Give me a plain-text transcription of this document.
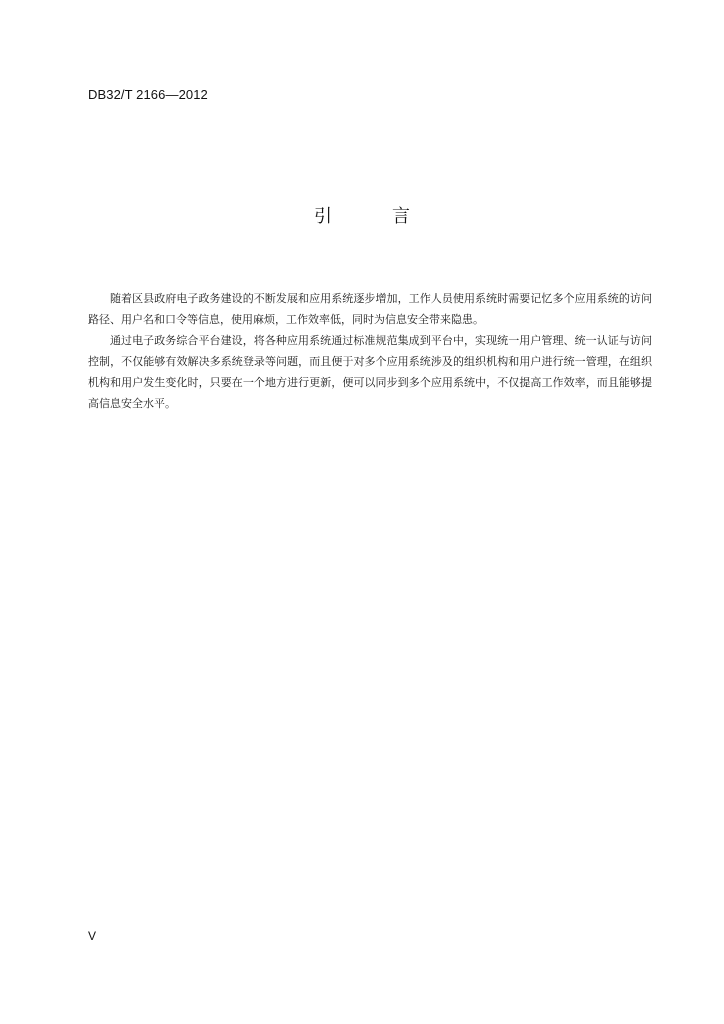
DB32/T 2166—2012
引	言

随着区县政府电子政务建设的不断发展和应用系统逐步增加，工作人员使用系统时需要记忆多个应用系统的访问路径、用户名和口令等信息，使用麻烦，工作效率低，同时为信息安全带来隐患。

通过电子政务综合平台建设，将各种应用系统通过标准规范集成到平台中，实现统一用户管理、统一认证与访问控制，不仅能够有效解决多系统登录等问题，而且便于对多个应用系统涉及的组织机构和用户进行统一管理，在组织机构和用户发生变化时，只要在一个地方进行更新，便可以同步到多个应用系统中，不仅提高工作效率，而且能够提高信息安全水平。

V
